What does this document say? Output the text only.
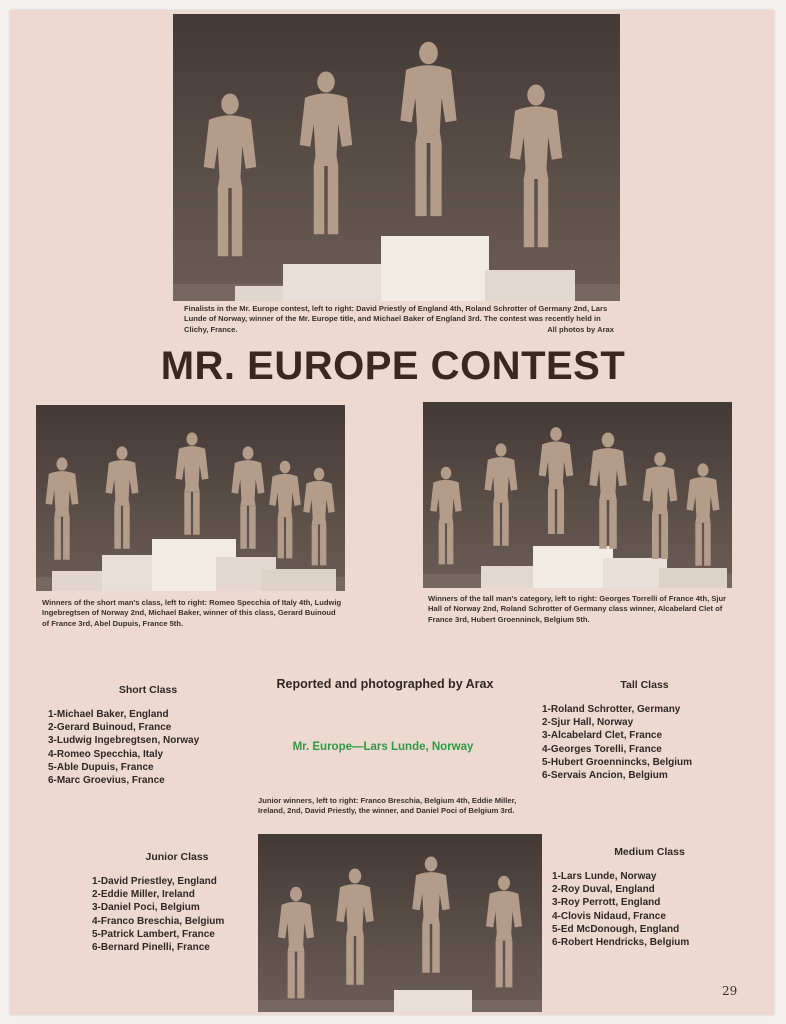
Finalists in the Mr. Europe contest, left to right: David Priestly of England 4th, Roland Schrotter of Germany 2nd, Lars Lunde of Norway, winner of the Mr. Europe title, and Michael Baker of England 3rd. The contest was recently held in Clichy, France.	All photos by Arax

MR. EUROPE CONTEST

Winners of the short man's class, left to right: Romeo Specchia of Italy 4th, Ludwig Ingebregtsen of Norway 2nd, Michael Baker, winner of this class, Gerard Buinoud of France 3rd, Abel Dupuis, France 5th.

Winners of the tall man's category, left to right: Georges Torrelli of France 4th, Sjur Hall of Norway 2nd, Roland Schrotter of Germany class winner, Alcabelard Clet of France 3rd, Hubert Groenninck, Belgium 5th.

Short Class
1-Michael Baker, England
2-Gerard Buinoud, France
3-Ludwig Ingebregtsen, Norway
4-Romeo Specchia, Italy
5-Able Dupuis, France
6-Marc Groevius, France
Reported and photographed by Arax
Mr. Europe—Lars Lunde, Norway
Tall Class
1-Roland Schrotter, Germany
2-Sjur Hall, Norway
3-Alcabelard Clet, France
4-Georges Torelli, France
5-Hubert Groennincks, Belgium
6-Servais Ancion, Belgium

Junior winners, left to right: Franco Breschia, Belgium 4th, Eddie Miller, Ireland, 2nd, David Priestly, the winner, and Daniel Poci of Belgium 3rd.

Junior Class
1-David Priestley, England
2-Eddie Miller, Ireland
3-Daniel Poci, Belgium
4-Franco Breschia, Belgium
5-Patrick Lambert, France
6-Bernard Pinelli, France
Medium Class
1-Lars Lunde, Norway
2-Roy Duval, England
3-Roy Perrott, England
4-Clovis Nidaud, France
5-Ed McDonough, England
6-Robert Hendricks, Belgium
29
